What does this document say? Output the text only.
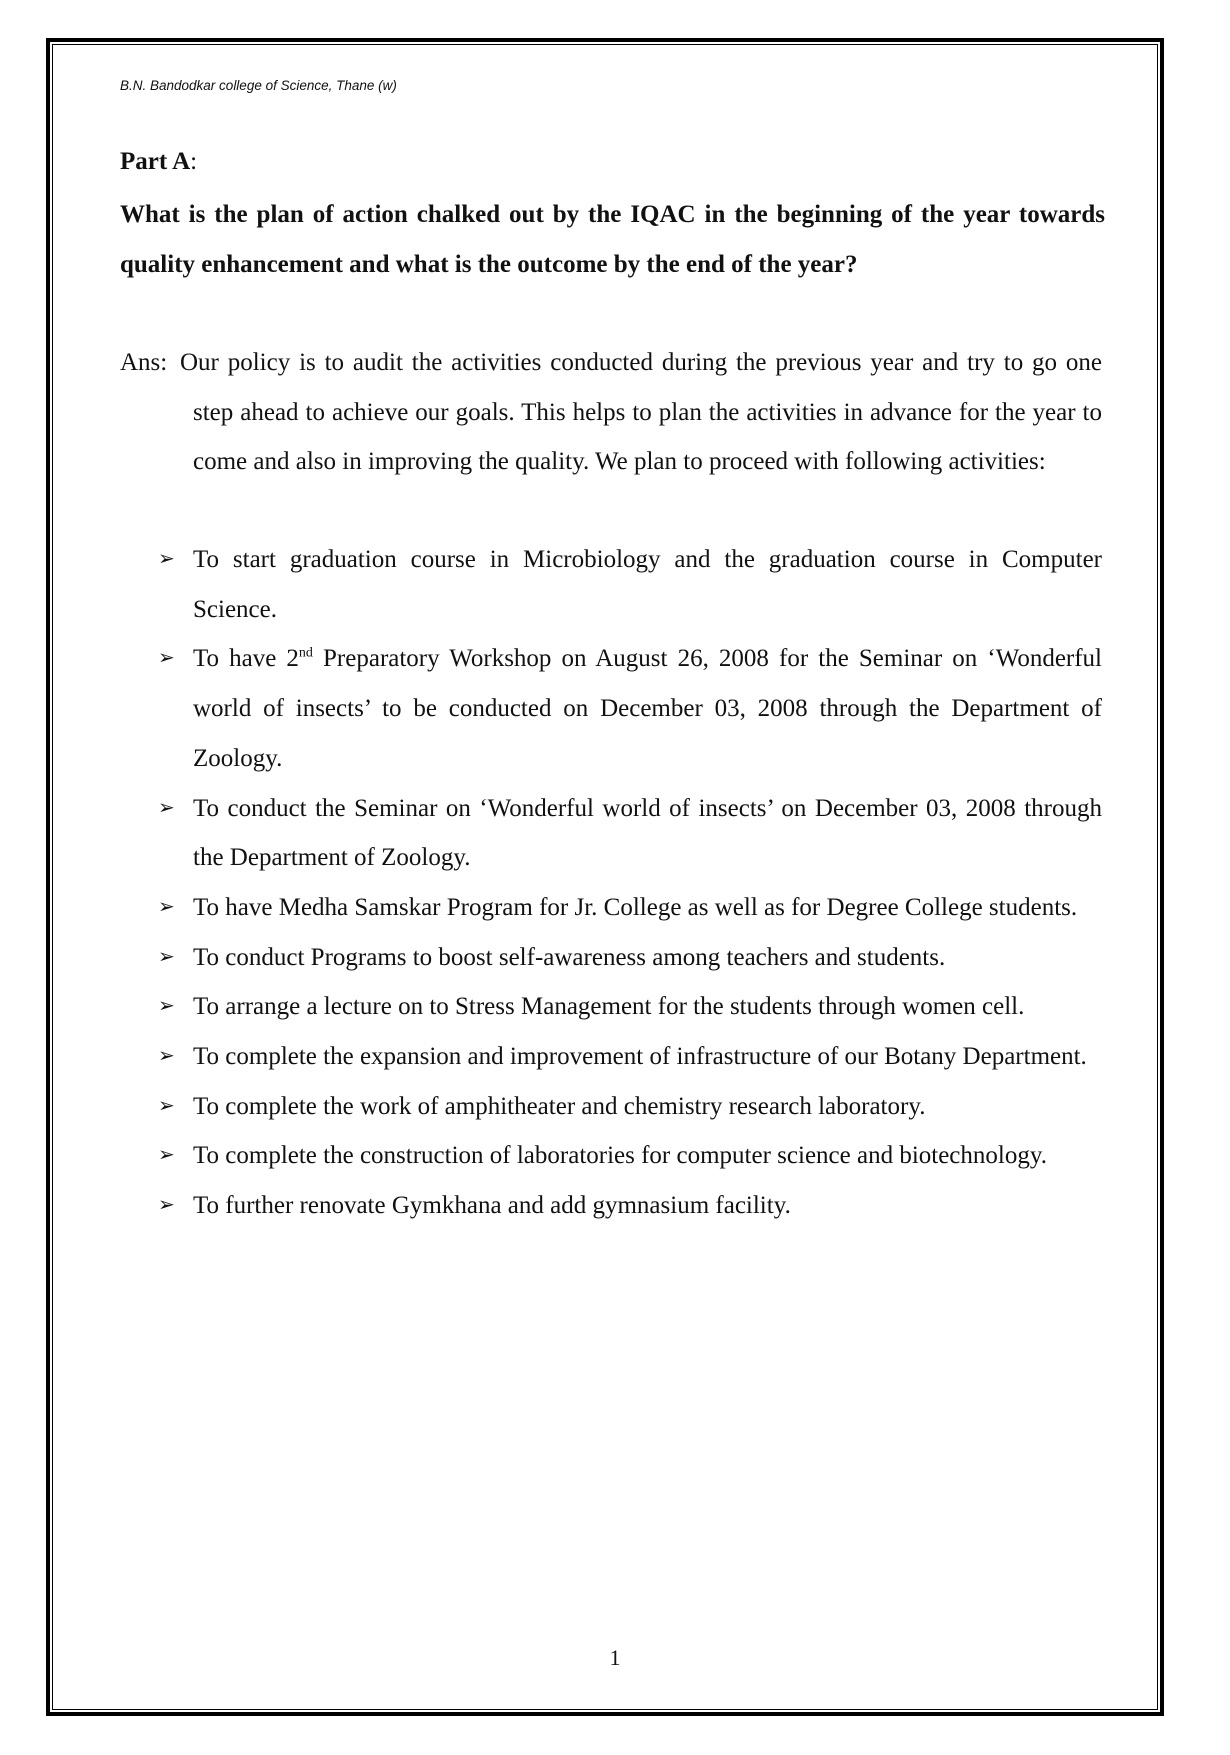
B.N. Bandodkar college of Science, Thane (w)
Part A:
What is the plan of action chalked out by the IQAC in the beginning of the year towards quality enhancement and what is the outcome by the end of the year?
Ans: Our policy is to audit the activities conducted during the previous year and try to go one step ahead to achieve our goals. This helps to plan the activities in advance for the year to come and also in improving the quality. We plan to proceed with following activities:
➢ To start graduation course in Microbiology and the graduation course in Computer Science.
➢ To have 2nd Preparatory Workshop on August 26, 2008 for the Seminar on ‘Wonderful world of insects’ to be conducted on December 03, 2008 through the Department of Zoology.
➢ To conduct the Seminar on ‘Wonderful world of insects’ on December 03, 2008 through the Department of Zoology.
➢ To have Medha Samskar Program for Jr. College as well as for Degree College students.
➢ To conduct Programs to boost self-awareness among teachers and students.
➢ To arrange a lecture on to Stress Management for the students through women cell.
➢ To complete the expansion and improvement of infrastructure of our Botany Department.
➢ To complete the work of amphitheater and chemistry research laboratory.
➢ To complete the construction of laboratories for computer science and biotechnology.
➢ To further renovate Gymkhana and add gymnasium facility.
1
